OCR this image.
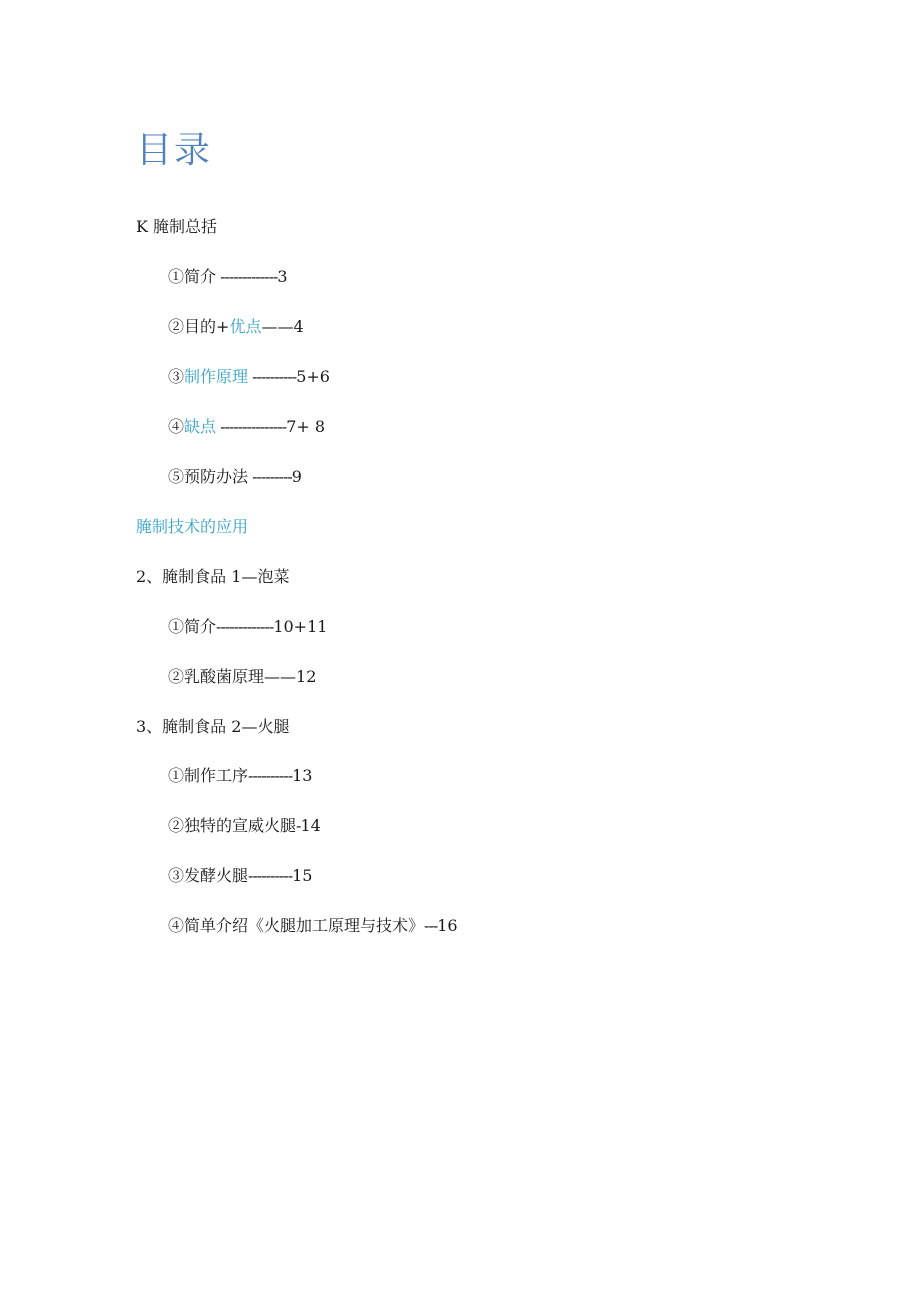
目录
K 腌制总括
①简介 -------------3
②目的+优点——4
③制作原理 ----------5+6
④缺点 ---------------7+ 8
⑤预防办法 ---------9
腌制技术的应用
2、腌制食品 1—泡菜
①简介-------------10+11
②乳酸菌原理——12
3、腌制食品 2—火腿
①制作工序----------13
②独特的宣威火腿-14
③发酵火腿----------15
④简单介绍《火腿加工原理与技术》---16
